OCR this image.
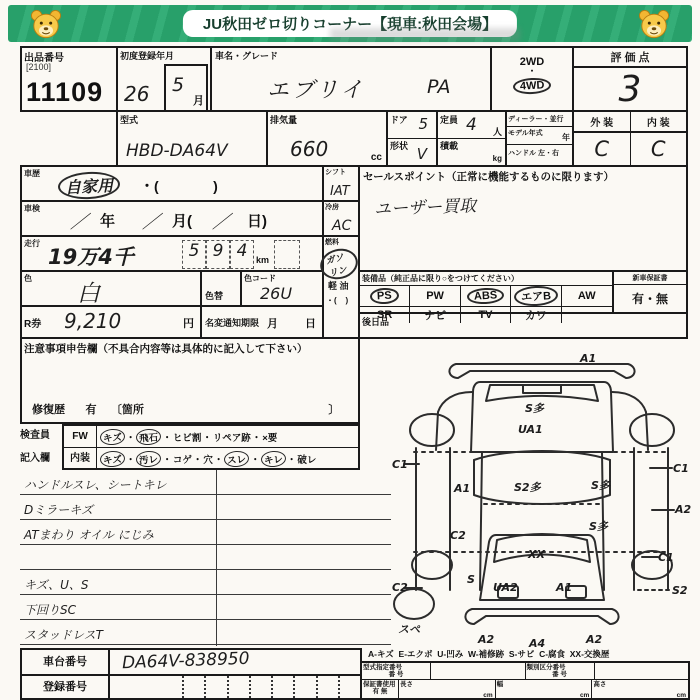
JU秋田ゼロ切りコーナー【現車:秋田会場】
出品番号
[2100]
11109
初度登録年月
26 5
月
車名・グレード
エブリイ	PA
2WD
・
4WD
評 価 点
3
型式
HBD-DA64V
排気量
660	cc
ドア 5
形状 V
定員 4 人
積載
kg
ディーラー・並行
モデル年式 年
ハンドル 左・右
外 装	内 装
C	C
車歴
自家用	・(              )
車検
／ 年 ／ 月( ／ 日)
走行
19万4千	5 9 4 km
色
白	色替
色コード
26U
R券 9,210	円 名変通知期限 月 日
シフト
IAT
冷房
AC
燃料
ガソリン
軽 油
・(    )
セールスポイント（正常に機能するものに限ります）
ユーザー買取
装備品（純正品に限り○をつけてください）
PS	PW	ABS	エアB	AW
SR	ナビ	TV	カワ
新車保証書
有・無
後日品
注意事項申告欄（不具合内容等は具体的に記入して下さい）
修復歴 有 〔箇所	〕
検査員
記入欄
FW	キズ ・ 飛石 ・ヒビ割・リペア跡・×要
内装	キズ ・ 汚レ ・コゲ・穴・ スレ ・ キレ ・破レ
ハンドルスレ、シートキレ
Dミラーキズ
ATまわり オイル にじみ
キズ、U、S
下回りSC
スタッドレスT
車台番号	DA64V-838950
登録番号
A1
S多
UA1
C1	C1
A1	S2多	S多
A2
C2
S多
C1
XX
S
UA2	A1	S2
C2
スペ
A2	A4	A2
A-キズ  E-エクボ  U-凹み  W-補修跡  S-サビ  C-腐食  XX-交換歴
型式指定番号
番 号
類別区分番号
番 号
保証書使用
有 無
長さ
cm
幅
cm
高さ
cm
